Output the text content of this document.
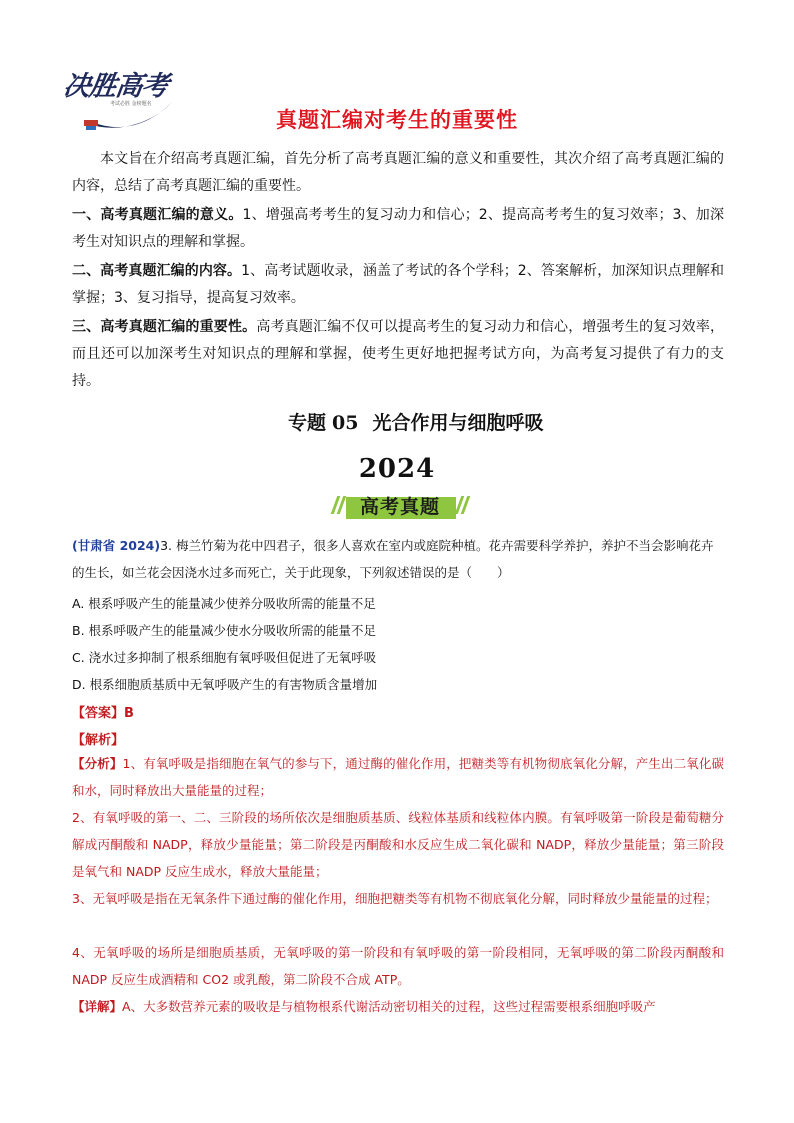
决胜高考
考试必胜 金榜题名
真题汇编对考生的重要性

本文旨在介绍高考真题汇编，首先分析了高考真题汇编的意义和重要性，其次介绍了高考真题汇编的内容，总结了高考真题汇编的重要性。

一、高考真题汇编的意义。1、增强高考考生的复习动力和信心；2、提高高考考生的复习效率；3、加深考生对知识点的理解和掌握。

二、高考真题汇编的内容。1、高考试题收录，涵盖了考试的各个学科；2、答案解析，加深知识点理解和掌握；3、复习指导，提高复习效率。

三、高考真题汇编的重要性。高考真题汇编不仅可以提高考生的复习动力和信心，增强考生的复习效率，而且还可以加深考生对知识点的理解和掌握，使考生更好地把握考试方向，为高考复习提供了有力的支持。

专题 05 光合作用与细胞呼吸
2024
高考真题

(甘肃省 2024)3. 梅兰竹菊为花中四君子，很多人喜欢在室内或庭院种植。花卉需要科学养护，养护不当会影响花卉的生长，如兰花会因浇水过多而死亡，关于此现象，下列叙述错误的是（　　）

A. 根系呼吸产生的能量减少使养分吸收所需的能量不足

B. 根系呼吸产生的能量减少使水分吸收所需的能量不足

C. 浇水过多抑制了根系细胞有氧呼吸但促进了无氧呼吸

D. 根系细胞质基质中无氧呼吸产生的有害物质含量增加

【答案】B

【解析】

【分析】1、有氧呼吸是指细胞在氧气的参与下，通过酶的催化作用，把糖类等有机物彻底氧化分解，产生出二氧化碳和水，同时释放出大量能量的过程；

2、有氧呼吸的第一、二、三阶段的场所依次是细胞质基质、线粒体基质和线粒体内膜。有氧呼吸第一阶段是葡萄糖分解成丙酮酸和 NADP，释放少量能量；第二阶段是丙酮酸和水反应生成二氧化碳和 NADP，释放少量能量；第三阶段是氧气和 NADP 反应生成水，释放大量能量；

3、无氧呼吸是指在无氧条件下通过酶的催化作用，细胞把糖类等有机物不彻底氧化分解，同时释放少量能量的过程；

4、无氧呼吸的场所是细胞质基质，无氧呼吸的第一阶段和有氧呼吸的第一阶段相同，无氧呼吸的第二阶段丙酮酸和 NADP 反应生成酒精和 CO2 或乳酸，第二阶段不合成 ATP。

【详解】A、大多数营养元素的吸收是与植物根系代谢活动密切相关的过程，这些过程需要根系细胞呼吸产
